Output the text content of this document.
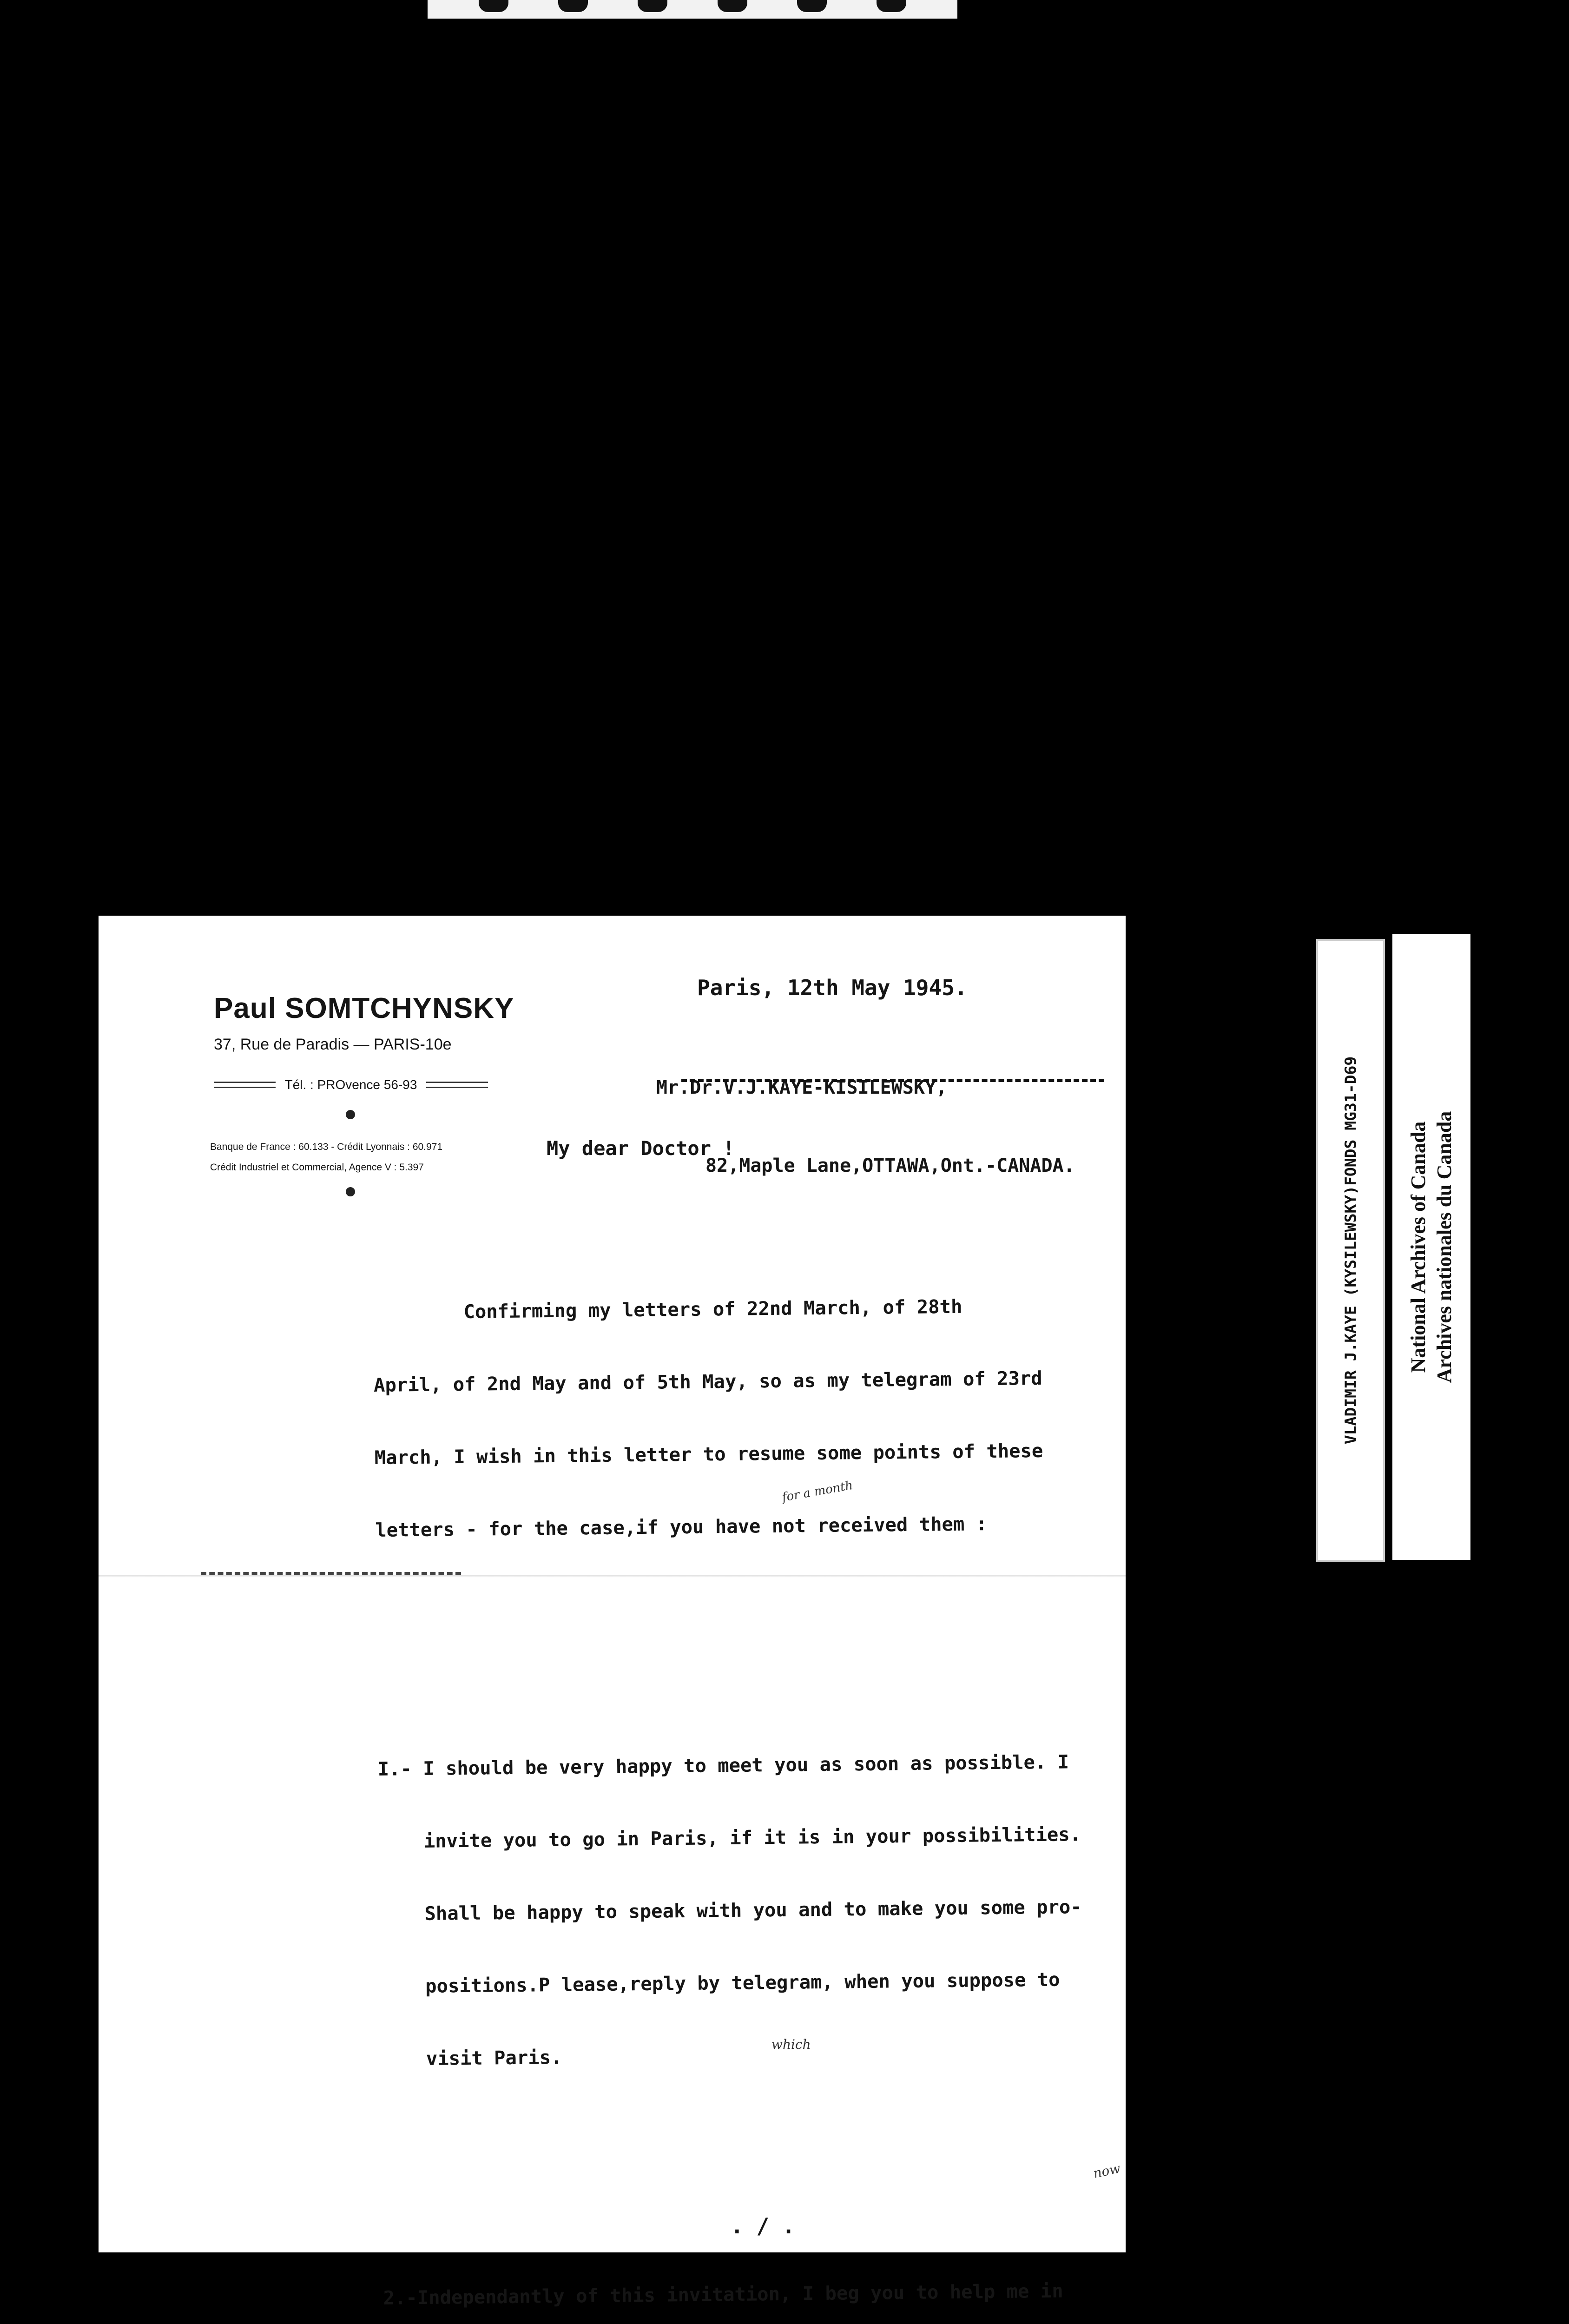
Paul SOMTCHYNSKY
37, Rue de Paradis — PARIS-10e
Tél. : PROvence 56-93
Banque de France : 60.133 - Crédit Lyonnais : 60.971
Crédit Industriel et Commercial, Agence V : 5.397
Paris, 12th May 1945.

Mr.Dr.V.J.KAYE-KISILEWSKY,

82,Maple Lane,OTTAWA,Ont.-CANADA.

My dear Doctor !

Confirming my letters of 22nd March, of 28th

April, of 2nd May and of 5th May, so as my telegram of 23rd

March, I wish in this letter to resume some points of these

letters - for the case,if you have not received them :

I.- I should be very happy to meet you as soon as possible. I

invite you to go in Paris, if it is in your possibilities.

Shall be happy to speak with you and to make you some pro-

positions.P lease,reply by telegram, when you suppose to

visit Paris.

2.-Independantly of this invitation, I beg you to help me in

for a month
which
now
. / .
VLADIMIR J.KAYE (KYSILEWSKY)FONDS MG31-D69 National Archives of Canada Archives nationales du Canada
